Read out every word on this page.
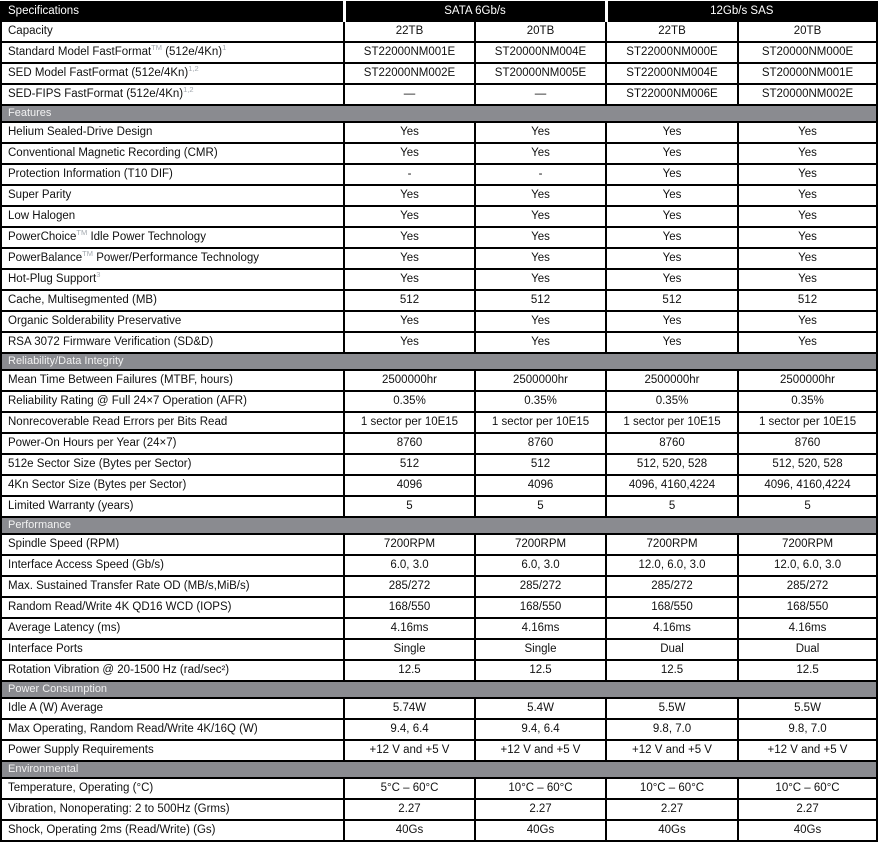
Specifications	SATA 6Gb/s		12Gb/s SAS	
Capacity	22TB	20TB	22TB	20TB
Standard Model FastFormat™ $(512e/4Kn)^1$	ST22000NM001E	ST20000NM004E	ST22000NM000E	ST20000NM000E
SED Model FastFormat $(512e/4Kn)^{1,2}$	ST22000NM002E	ST20000NM005E	ST22000NM004E	ST20000NM001E
SED-FIPS FastFormat $(512e/4Kn)^{1,2}$	—	—	ST22000NM006E	ST20000NM002E
Features				
Helium Sealed-Drive Design	Yes	Yes	Yes	Yes
Conventional Magnetic Recording (CMR)	Yes	Yes	Yes	Yes
Protection Information (T10 DIF)	-	-	Yes	Yes
Super Parity	Yes	Yes	Yes	Yes
Low Halogen	Yes	Yes	Yes	Yes
PowerChoice™ Idle Power Technology	Yes	Yes	Yes	Yes
PowerBalance™ Power/Performance Technology	Yes	Yes	Yes	Yes
Hot-Plug Support$^3$	Yes	Yes	Yes	Yes
Cache, Multisegmented (MB)	512	512	512	512
Organic Solderability Preservative	Yes	Yes	Yes	Yes
RSA 3072 Firmware Verification (SD&D)	Yes	Yes	Yes	Yes
Reliability/Data Integrity				
Mean Time Between Failures (MTBF, hours)	2500000hr	2500000hr	2500000hr	2500000hr
Reliability Rating @ Full 24×7 Operation (AFR)	0.35%	0.35%	0.35%	0.35%
Nonrecoverable Read Errors per Bits Read	1 sector per 10E15	1 sector per 10E15	1 sector per 10E15	1 sector per 10E15
Power-On Hours per Year (24×7)	8760	8760	8760	8760
512e Sector Size (Bytes per Sector)	512	512	512, 520, 528	512, 520, 528
4Kn Sector Size (Bytes per Sector)	4096	4096	4096, 4160,4224	4096, 4160,4224
Limited Warranty (years)	5	5	5	5
Performance				
Spindle Speed (RPM)	7200RPM	7200RPM	7200RPM	7200RPM
Interface Access Speed (Gb/s)	6.0, 3.0	6.0, 3.0	12.0, 6.0, 3.0	12.0, 6.0, 3.0
Max. Sustained Transfer Rate OD (MB/s,MiB/s)	285/272	285/272	285/272	285/272
Random Read/Write 4K QD16 WCD (IOPS)	168/550	168/550	168/550	168/550
Average Latency (ms)	4.16ms	4.16ms	4.16ms	4.16ms
Interface Ports	Single	Single	Dual	Dual
Rotation Vibration @ 20-1500 Hz (rad/sec²)	12.5	12.5	12.5	12.5
Power Consumption				
Idle A (W) Average	5.74W	5.4W	5.5W	5.5W
Max Operating, Random Read/Write 4K/16Q (W)	9.4, 6.4	9.4, 6.4	9.8, 7.0	9.8, 7.0
Power Supply Requirements	+12 V and +5 V	+12 V and +5 V	+12 V and +5 V	+12 V and +5 V
Environmental				
Temperature, Operating (°C)	5°C – 60°C	10°C – 60°C	10°C – 60°C	10°C – 60°C
Vibration, Nonoperating: 2 to 500Hz (Grms)	2.27	2.27	2.27	2.27
Shock, Operating 2ms (Read/Write) (Gs)	40Gs	40Gs	40Gs	40Gs
